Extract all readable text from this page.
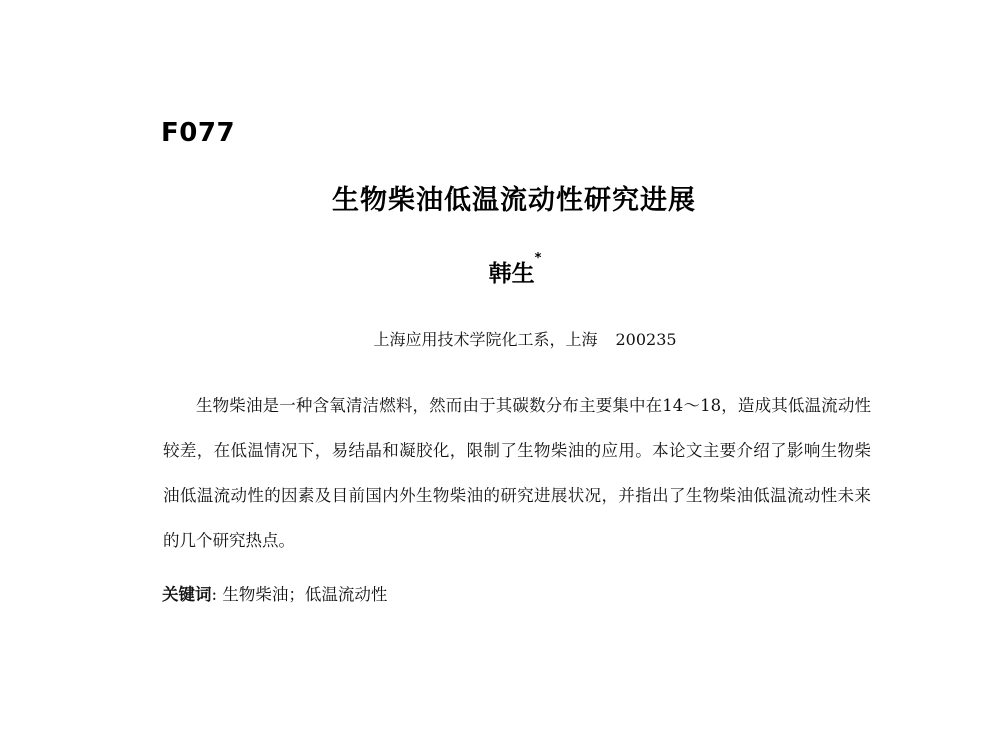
F077
生物柴油低温流动性研究进展
韩生*
上海应用技术学院化工系，上海 200235

生物柴油是一种含氧清洁燃料，然而由于其碳数分布主要集中在14～18，造成其低温流动性较差，在低温情况下，易结晶和凝胶化，限制了生物柴油的应用。本论文主要介绍了影响生物柴油低温流动性的因素及目前国内外生物柴油的研究进展状况，并指出了生物柴油低温流动性未来的几个研究热点。

关键词: 生物柴油；低温流动性
